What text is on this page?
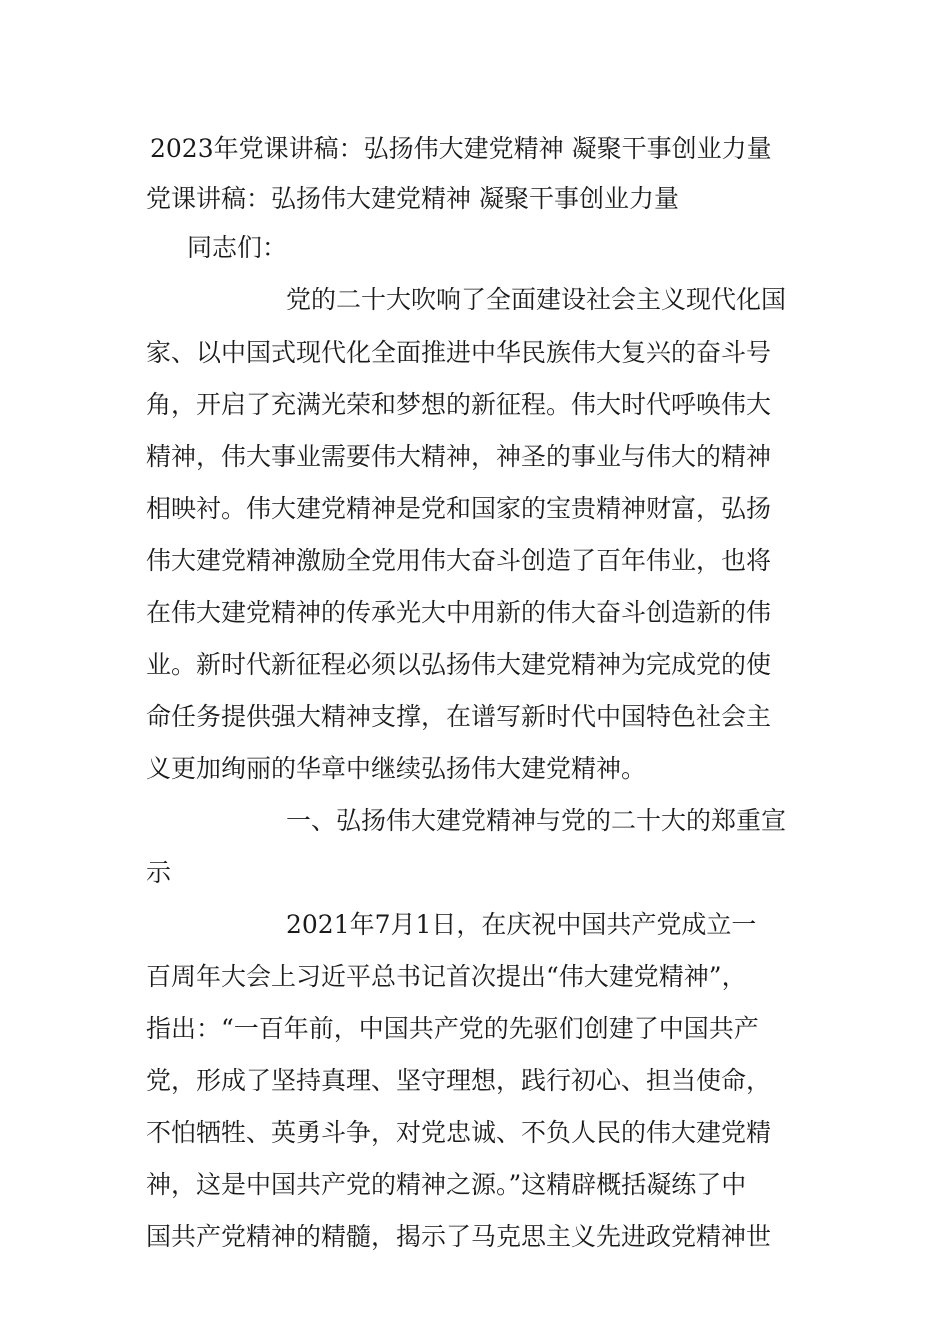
2023年党课讲稿：弘扬伟大建党精神 凝聚干事创业力量
党课讲稿：弘扬伟大建党精神 凝聚干事创业力量
同志们：
党的二十大吹响了全面建设社会主义现代化国
家、以中国式现代化全面推进中华民族伟大复兴的奋斗号
角，开启了充满光荣和梦想的新征程。伟大时代呼唤伟大
精神，伟大事业需要伟大精神，神圣的事业与伟大的精神
相映衬。伟大建党精神是党和国家的宝贵精神财富，弘扬
伟大建党精神激励全党用伟大奋斗创造了百年伟业，也将
在伟大建党精神的传承光大中用新的伟大奋斗创造新的伟
业。新时代新征程必须以弘扬伟大建党精神为完成党的使
命任务提供强大精神支撑，在谱写新时代中国特色社会主
义更加绚丽的华章中继续弘扬伟大建党精神。
一、弘扬伟大建党精神与党的二十大的郑重宣
示
2021年7月1日，在庆祝中国共产党成立一
百周年大会上习近平总书记首次提出“伟大建党精神”，
指出：“一百年前，中国共产党的先驱们创建了中国共产
党，形成了坚持真理、坚守理想，践行初心、担当使命，
不怕牺牲、英勇斗争，对党忠诚、不负人民的伟大建党精
神，这是中国共产党的精神之源。”这精辟概括凝练了中
国共产党精神的精髓，揭示了马克思主义先进政党精神世
